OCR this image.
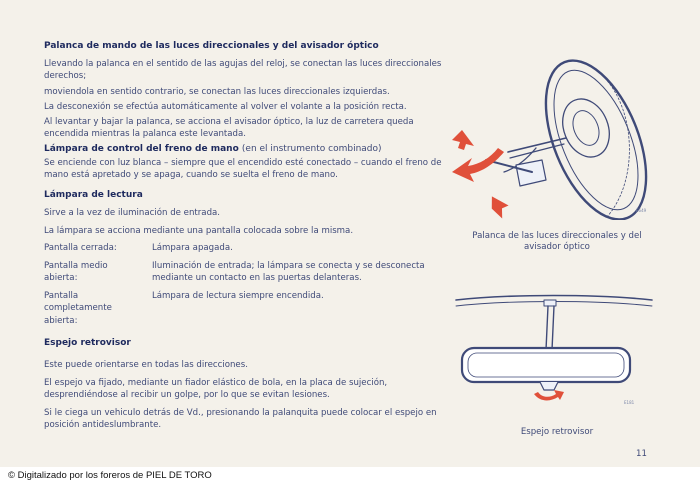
Palanca de mando de las luces direccionales y del avisador óptico
Llevando la palanca en el sentido de las agujas del reloj, se conectan las luces direccionales derechos;
moviendola en sentido contrario, se conectan las luces direccionales izquierdas.
La desconexión se efectúa automáticamente al volver el volante a la posición recta.
Al levantar y bajar la palanca, se acciona el avisador óptico, la luz de carretera queda encendida mientras la palanca este levantada.
Lámpara de control del freno de mano (en el instrumento combinado)
Se enciende con luz blanca – siempre que el encendido esté conectado – cuando el freno de mano está apretado y se apaga, cuando se suelta el freno de mano.
Lámpara de lectura
Sirve a la vez de iluminación de entrada.
La lámpara se acciona mediante una pantalla colocada sobre la misma.
Pantalla cerrada:	Lámpara apagada.
Pantalla medio abierta:
Iluminación de entrada; la lámpara se conecta y se desconecta mediante un contacto en las puertas delanteras.
Pantalla completamente abierta:
Lámpara de lectura siempre encendida.
Espejo retrovisor
Este puede orientarse en todas las direcciones.
El espejo va fijado, mediante un fiador elástico de bola, en la placa de sujeción, desprendiéndose al recibir un golpe, por lo que se evitan lesiones.
Si le ciega un vehiculo detrás de Vd., presionando la palanquita puede colocar el espejo en posición antideslumbrante.
E649
Palanca de las luces direccionales y del avisador óptico
E181
Espejo retrovisor
11
© Digitalizado por los foreros de PIEL DE TORO
